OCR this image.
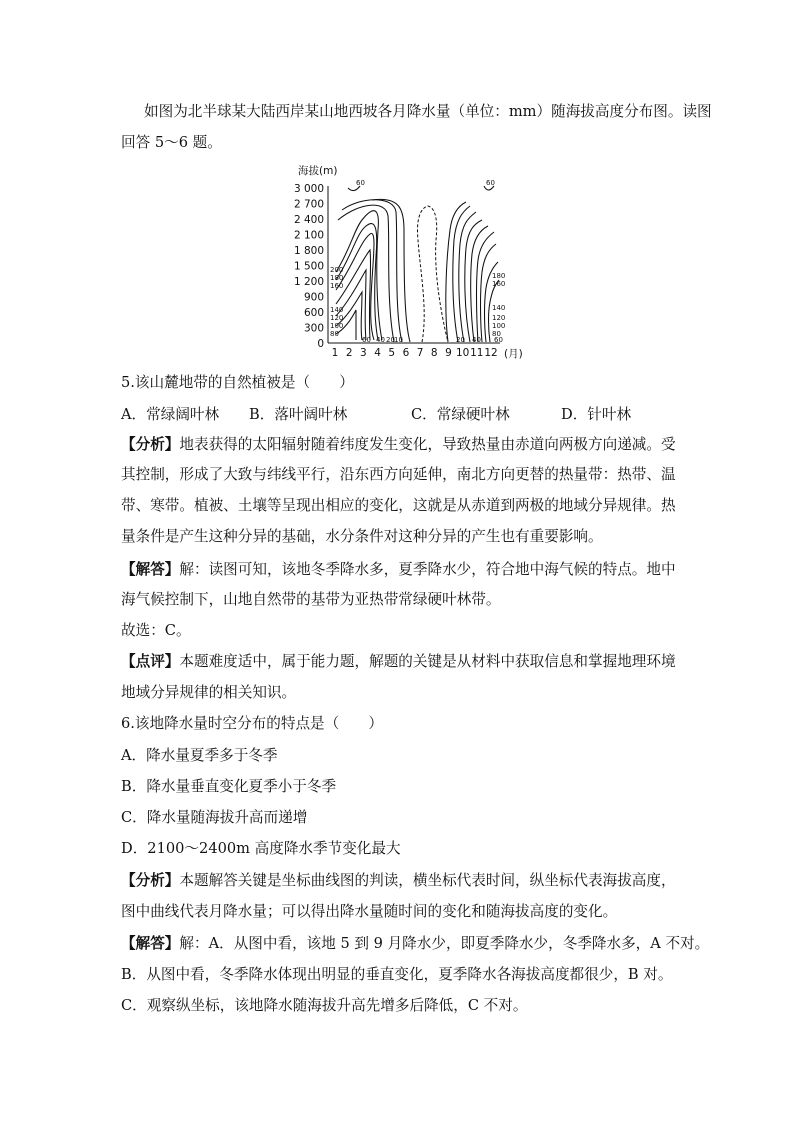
如图为北半球某大陆西岸某山地西坡各月降水量（单位：mm）随海拔高度分布图。读图
回答 5～6 题。
海拔(m)
(月)
3 000
2 700
2 400
2 100
1 800
1 500
1 200
900
600
300
0
1 2 3 4 5 6 7 8 9 10 11 12
60
200
180
160
140
120
100
80
60 40 20 10
60
180
160
140
120
100
80
60
20 40
5.该山麓地带的自然植被是（　　）
A．常绿阔叶林 B．落叶阔叶林	C．常绿硬叶林	D．针叶林
【分析】地表获得的太阳辐射随着纬度发生变化，导致热量由赤道向两极方向递减。受
其控制，形成了大致与纬线平行，沿东西方向延伸，南北方向更替的热量带：热带、温
带、寒带。植被、土壤等呈现出相应的变化，这就是从赤道到两极的地域分异规律。热
量条件是产生这种分异的基础，水分条件对这种分异的产生也有重要影响。
【解答】解：读图可知，该地冬季降水多，夏季降水少，符合地中海气候的特点。地中
海气候控制下，山地自然带的基带为亚热带常绿硬叶林带。
故选：C。
【点评】本题难度适中，属于能力题，解题的关键是从材料中获取信息和掌握地理环境
地域分异规律的相关知识。
6.该地降水量时空分布的特点是（　　）
A．降水量夏季多于冬季
B．降水量垂直变化夏季小于冬季
C．降水量随海拔升高而递增
D．2100～2400m 高度降水季节变化最大
【分析】本题解答关键是坐标曲线图的判读，横坐标代表时间，纵坐标代表海拔高度，
图中曲线代表月降水量；可以得出降水量随时间的变化和随海拔高度的变化。
【解答】解：A．从图中看，该地 5 到 9 月降水少，即夏季降水少，冬季降水多，A 不对。
B．从图中看，冬季降水体现出明显的垂直变化，夏季降水各海拔高度都很少，B 对。
C．观察纵坐标，该地降水随海拔升高先增多后降低，C 不对。
